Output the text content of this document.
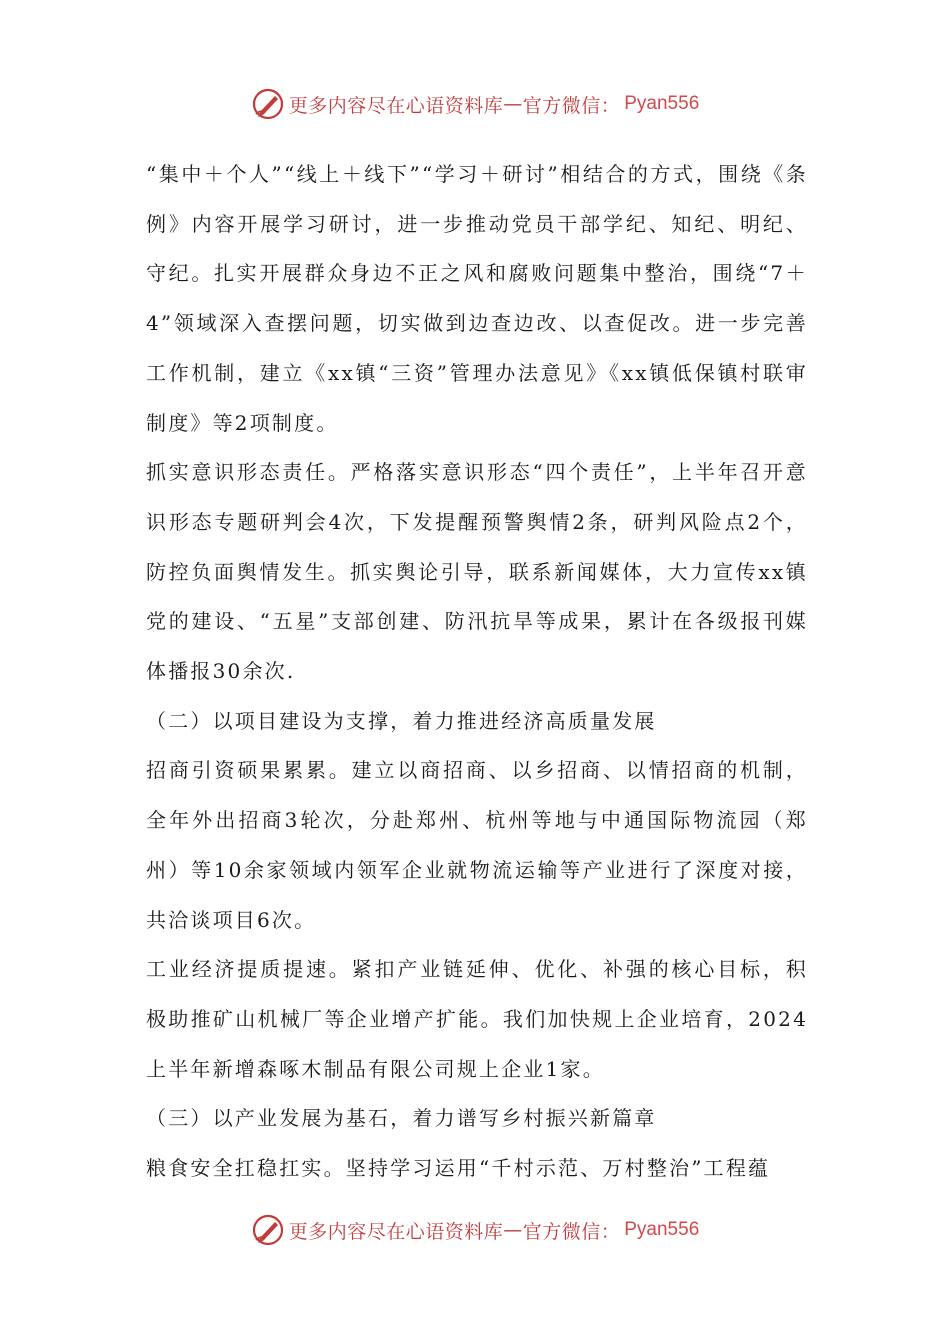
更多内容尽在心语资料库 — 官方微信： Pyan556

“集中＋个人”“线上＋线下”“学习＋研讨”相结合的方式，围绕《条例》内容开展学习研讨，进一步推动党员干部学纪、知纪、明纪、守纪。扎实开展群众身边不正之风和腐败问题集中整治，围绕“7＋4”领域深入查摆问题，切实做到边查边改、以查促改。进一步完善工作机制，建立《xx镇“三资”管理办法意见》《xx镇低保镇村联审制度》等2项制度。

抓实意识形态责任。严格落实意识形态“四个责任”，上半年召开意识形态专题研判会4次，下发提醒预警舆情2条，研判风险点2个，防控负面舆情发生。抓实舆论引导，联系新闻媒体，大力宣传xx镇党的建设、“五星”支部创建、防汛抗旱等成果，累计在各级报刊媒体播报30余次.

（二）以项目建设为支撑，着力推进经济高质量发展

招商引资硕果累累。建立以商招商、以乡招商、以情招商的机制，全年外出招商3轮次，分赴郑州、杭州等地与中通国际物流园（郑州）等10余家领域内领军企业就物流运输等产业进行了深度对接，共洽谈项目6次。

工业经济提质提速。紧扣产业链延伸、优化、补强的核心目标，积极助推矿山机械厂等企业增产扩能。我们加快规上企业培育，2024上半年新增森啄木制品有限公司规上企业1家。

（三）以产业发展为基石，着力谱写乡村振兴新篇章

粮食安全扛稳扛实。坚持学习运用“千村示范、万村整治”工程蕴

更多内容尽在心语资料库 — 官方微信： Pyan556
